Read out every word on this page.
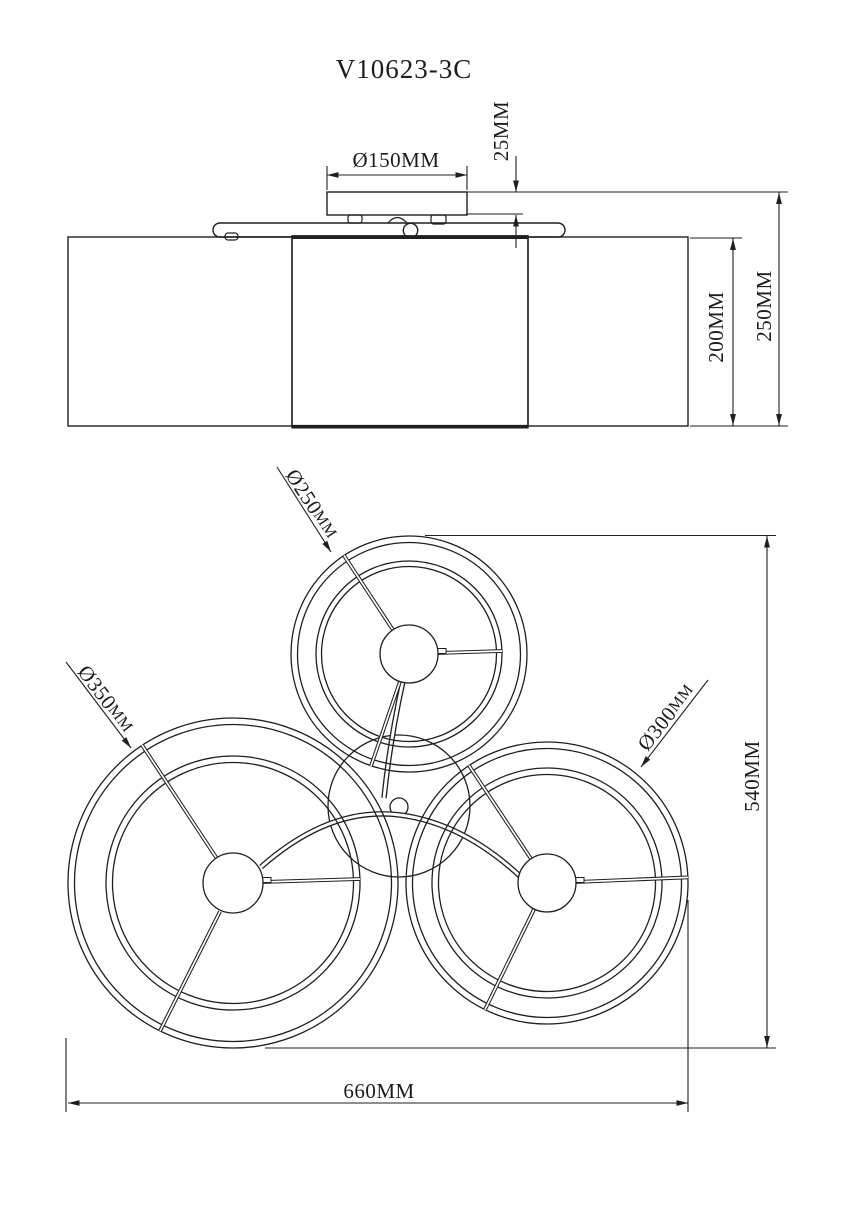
V10623-3C
Ø150MM 25MM
200MM 250MM
Ø250MM
Ø350MM	Ø300MM
540MM
660MM
